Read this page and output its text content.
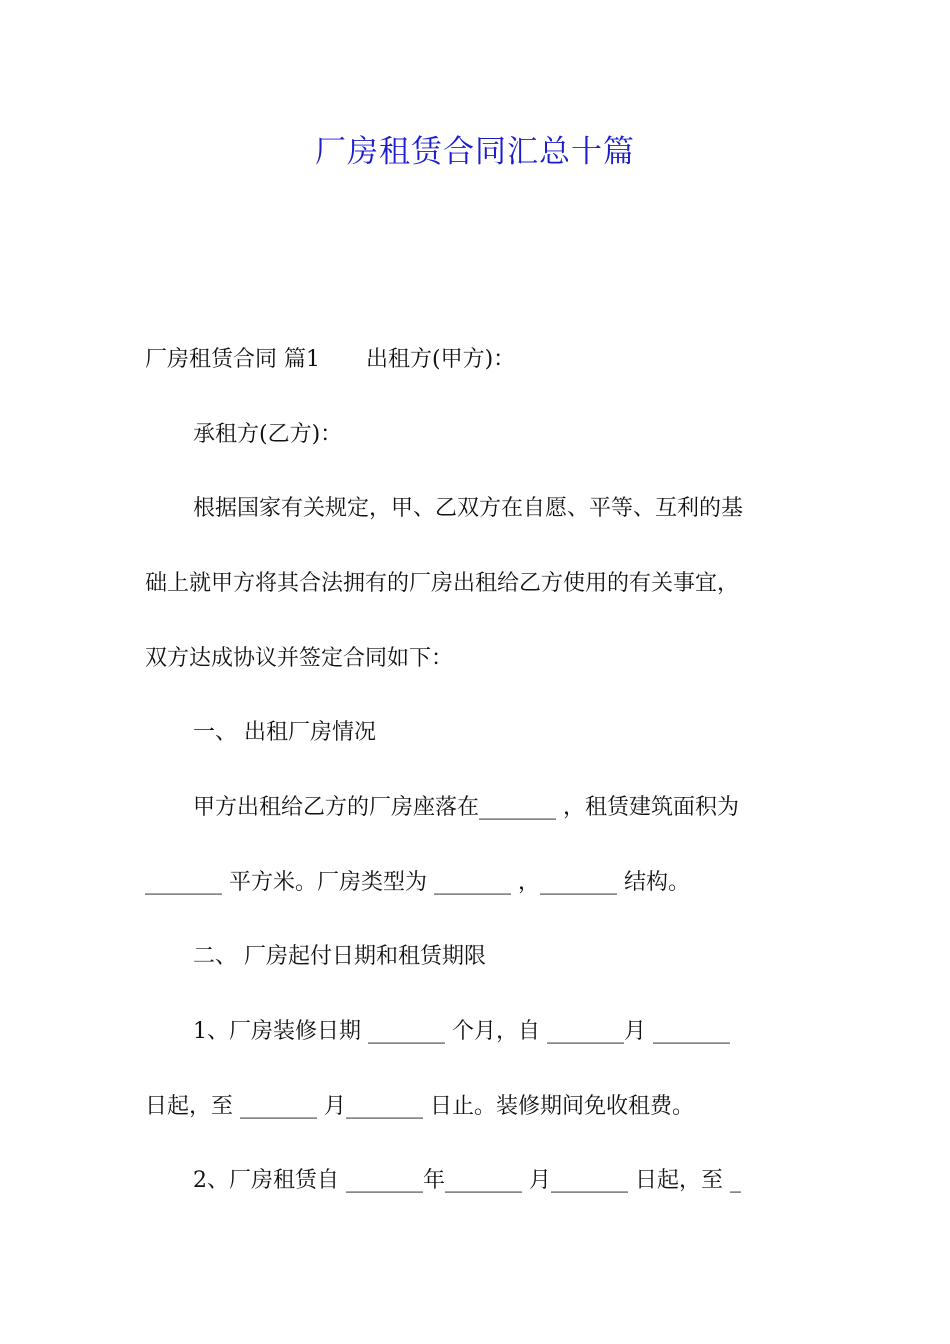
厂房租赁合同汇总十篇

厂房租赁合同 篇1 出租方(甲方)：

承租方(乙方)：

根据国家有关规定，甲、乙双方在自愿、平等、互利的基

础上就甲方将其合法拥有的厂房出租给乙方使用的有关事宜，

双方达成协议并签定合同如下：

一、 出租厂房情况

甲方出租给乙方的厂房座落在_______ ，租赁建筑面积为

_______ 平方米。厂房类型为 _______ ，_______ 结构。

二、 厂房起付日期和租赁期限

1、厂房装修日期 _______ 个月，自 _______月 _______

日起，至 _______ 月_______ 日止。装修期间免收租费。

2、厂房租赁自 _______年_______ 月_______ 日起，至 _
